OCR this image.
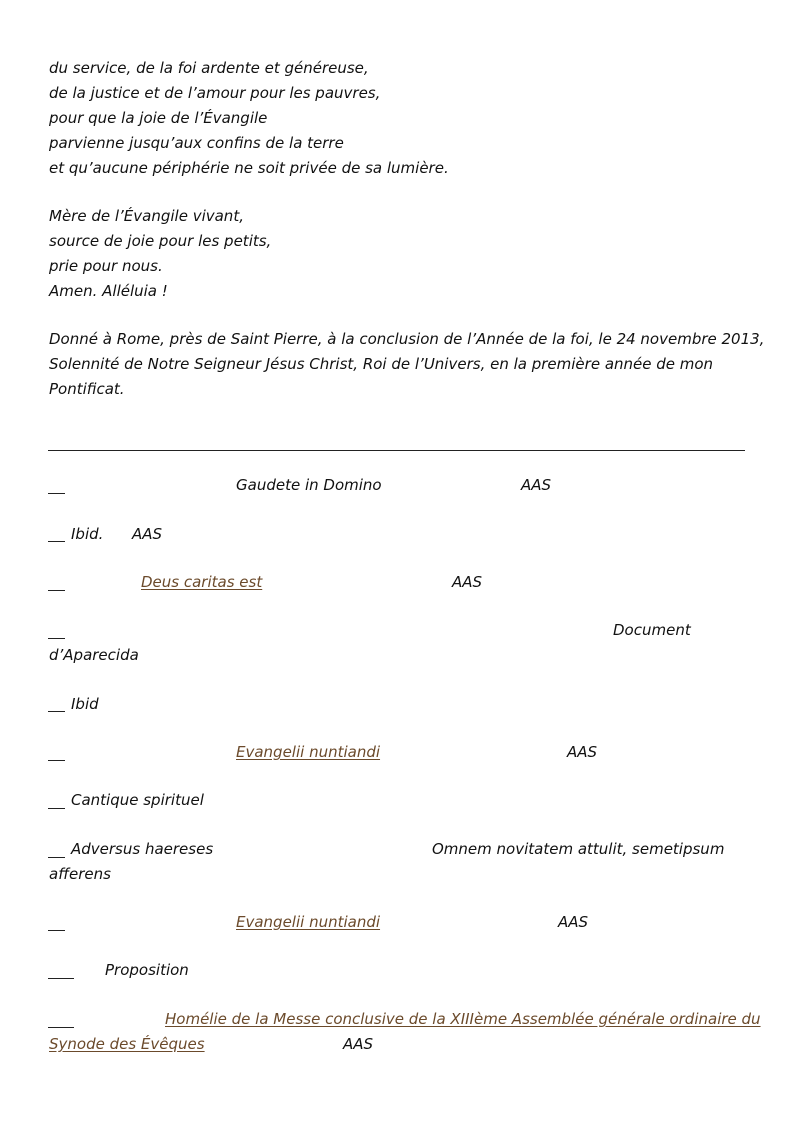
du service, de la foi ardente et généreuse,
de la justice et de l’amour pour les pauvres,
pour que la joie de l’Évangile
parvienne jusqu’aux confins de la terre
et qu’aucune périphérie ne soit privée de sa lumière.
Mère de l’Évangile vivant,
source de joie pour les petits,
prie pour nous.
Amen. Alléluia !
Donné à Rome, près de Saint Pierre, à la conclusion de l’Année de la foi, le 24 novembre 2013,
Solennité de Notre Seigneur Jésus Christ, Roi de l’Univers, en la première année de mon
Pontificat.
Gaudete in Domino	AAS
Ibid. AAS
Deus caritas est	AAS
Document
d’Aparecida
Ibid
Evangelii nuntiandi	AAS
Cantique spirituel
Adversus haereses	Omnem novitatem attulit, semetipsum
afferens
Evangelii nuntiandi	AAS
Proposition
Homélie de la Messe conclusive de la XIIIème Assemblée générale ordinaire du
Synode des Évêques	AAS
